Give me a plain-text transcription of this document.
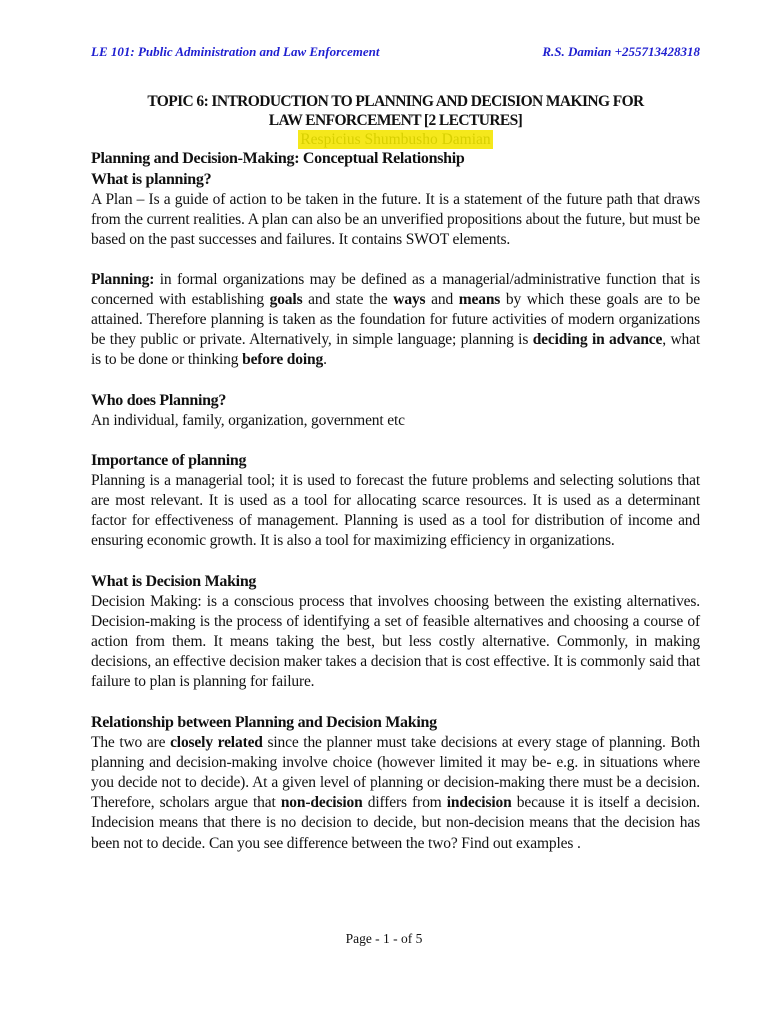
LE 101: Public Administration and Law Enforcement	R.S. Damian +255713428318
TOPIC 6: INTRODUCTION TO PLANNING AND DECISION MAKING FOR
LAW ENFORCEMENT [2 LECTURES]
Respicius Shumbusho Damian
Planning and Decision-Making: Conceptual Relationship
What is planning?

A Plan – Is a guide of action to be taken in the future. It is a statement of the future path that draws from the current realities. A plan can also be an unverified propositions about the future, but must be based on the past successes and failures. It contains SWOT elements.

Planning: in formal organizations may be defined as a managerial/administrative function that is concerned with establishing goals and state the ways and means by which these goals are to be attained. Therefore planning is taken as the foundation for future activities of modern organizations be they public or private. Alternatively, in simple language; planning is deciding in advance, what is to be done or thinking before doing.

Who does Planning?

An individual, family, organization, government etc

Importance of planning

Planning is a managerial tool; it is used to forecast the future problems and selecting solutions that are most relevant. It is used as a tool for allocating scarce resources. It is used as a determinant factor for effectiveness of management. Planning is used as a tool for distribution of income and ensuring economic growth. It is also a tool for maximizing efficiency in organizations.

What is Decision Making

Decision Making: is a conscious process that involves choosing between the existing alternatives. Decision-making is the process of identifying a set of feasible alternatives and choosing a course of action from them. It means taking the best, but less costly alternative. Commonly, in making decisions, an effective decision maker takes a decision that is cost effective. It is commonly said that failure to plan is planning for failure.

Relationship between Planning and Decision Making

The two are closely related since the planner must take decisions at every stage of planning. Both planning and decision-making involve choice (however limited it may be- e.g. in situations where you decide not to decide). At a given level of planning or decision-making there must be a decision. Therefore, scholars argue that non-decision differs from indecision because it is itself a decision. Indecision means that there is no decision to decide, but non-decision means that the decision has been not to decide. Can you see difference between the two? Find out examples .

Page - 1 - of 5
